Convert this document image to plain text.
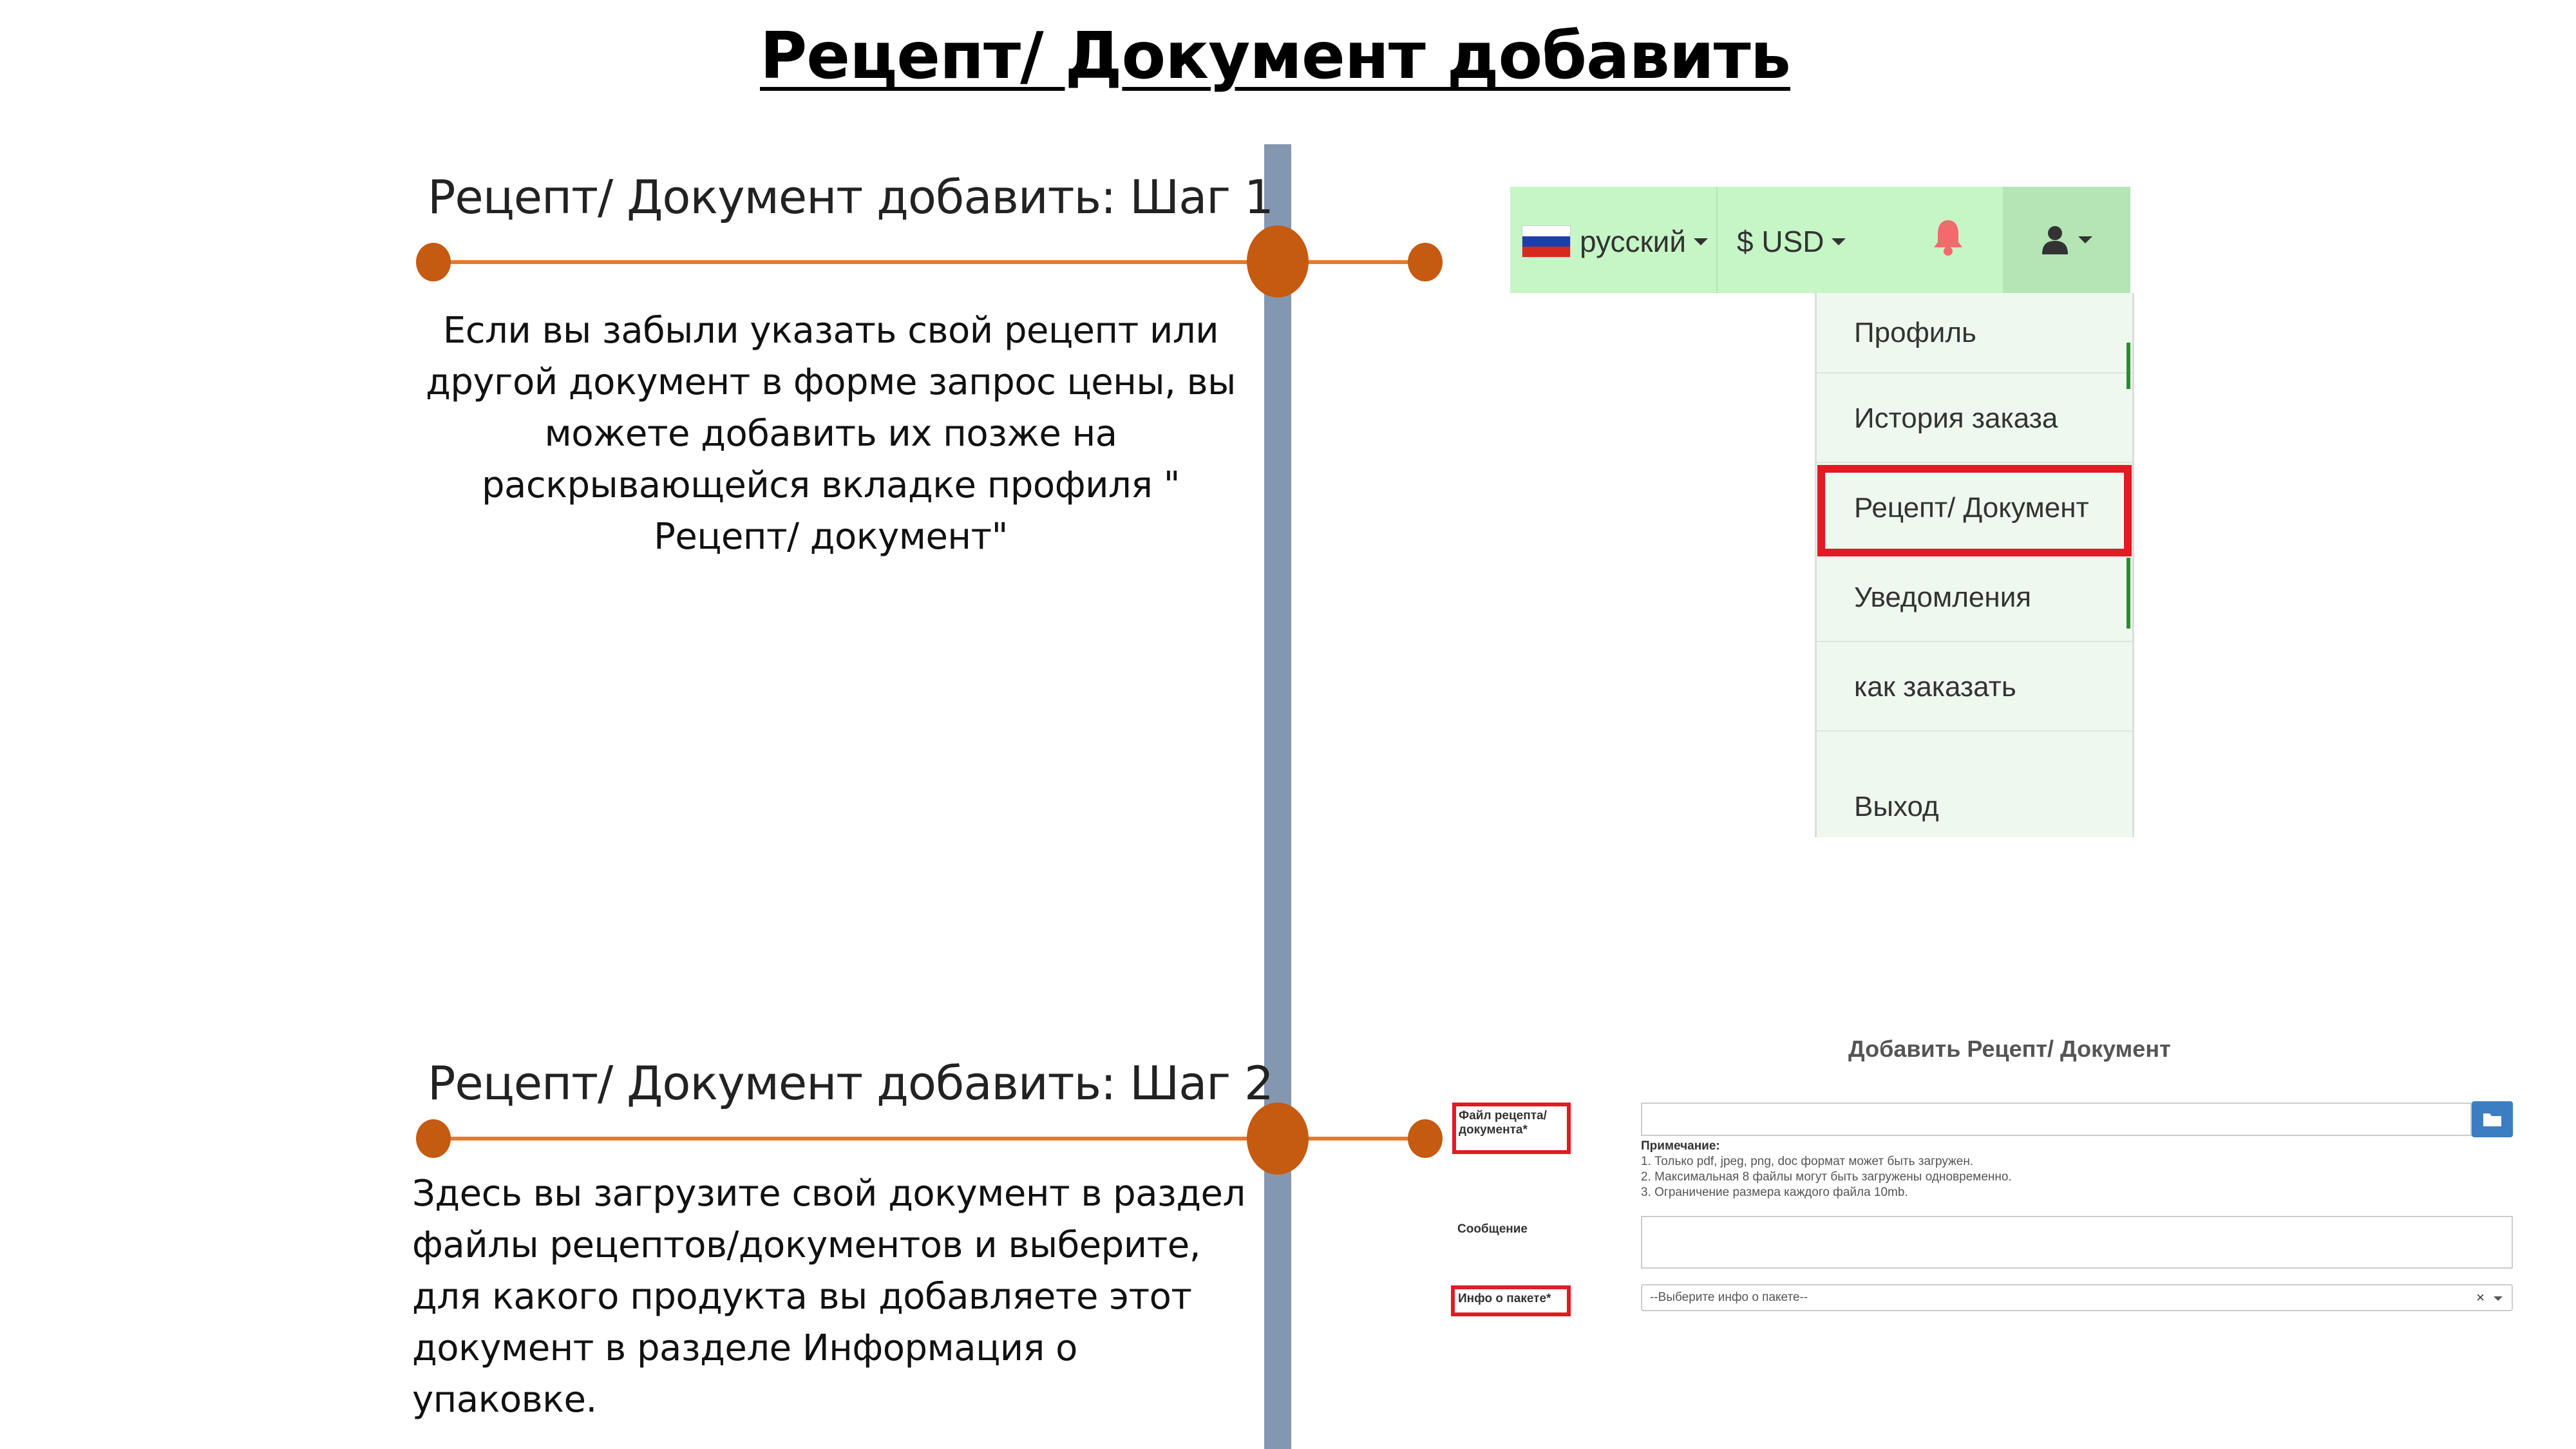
Рецепт/ Документ добавить
Рецепт/ Документ добавить: Шаг 1
Если вы забыли указать свой рецепт или другой документ в форме запрос цены, вы можете добавить их позже на раскрывающейся вкладке профиля " Рецепт/ документ"
русский $ USD
Профиль
История заказа
Рецепт/ Документ
Уведомления
как заказать
Выход
Рецепт/ Документ добавить: Шаг 2
Здесь вы загрузите свой документ в раздел файлы рецептов/документов и выберите, для какого продукта вы добавляете этот документ в разделе Информация о упаковке.
Добавить Рецепт/ Документ
Файл рецепта/
документа*
Примечание:
1. Только pdf, jpeg, png, doc формат может быть загружен.
2. Максимальная 8 файлы могут быть загружены одновременно.
3. Ограничение размера каждого файла 10mb.
Сообщение
Инфо о пакете*	--Выберите инфо о пакете--	×
